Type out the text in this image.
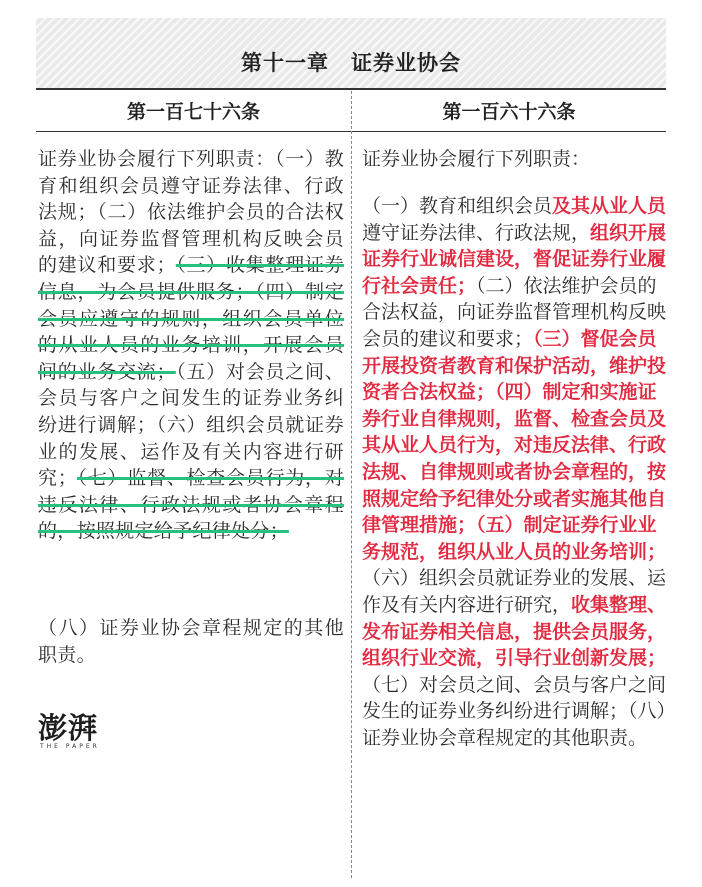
第十一章　证券业协会
第一百七十六条	第一百六十六条

证券业协会履行下列职责：（一）教育和组织会员遵守证券法律、行政法规；（二）依法维护会员的合法权益，向证券监督管理机构反映会员的建议和要求；（三）收集整理证券信息，为会员提供服务；（四）制定会员应遵守的规则，组织会员单位的从业人员的业务培训，开展会员间的业务交流；（五）对会员之间、会员与客户之间发生的证券业务纠纷进行调解；（六）组织会员就证券业的发展、运作及有关内容进行研究；（七）监督、检查会员行为，对违反法律、行政法规或者协会章程的，按照规定给予纪律处分；

（八）证券业协会章程规定的其他职责。

澎湃
THE PAPER

证券业协会履行下列职责：

（一）教育和组织会员及其从业人员遵守证券法律、行政法规，组织开展证券行业诚信建设，督促证券行业履行社会责任；（二）依法维护会员的合法权益，向证券监督管理机构反映会员的建议和要求；（三）督促会员开展投资者教育和保护活动，维护投资者合法权益；（四）制定和实施证券行业自律规则，监督、检查会员及其从业人员行为，对违反法律、行政法规、自律规则或者协会章程的，按照规定给予纪律处分或者实施其他自律管理措施；（五）制定证券行业业务规范，组织从业人员的业务培训；（六）组织会员就证券业的发展、运作及有关内容进行研究，收集整理、发布证券相关信息，提供会员服务，组织行业交流，引导行业创新发展；（七）对会员之间、会员与客户之间发生的证券业务纠纷进行调解；（八）证券业协会章程规定的其他职责。
